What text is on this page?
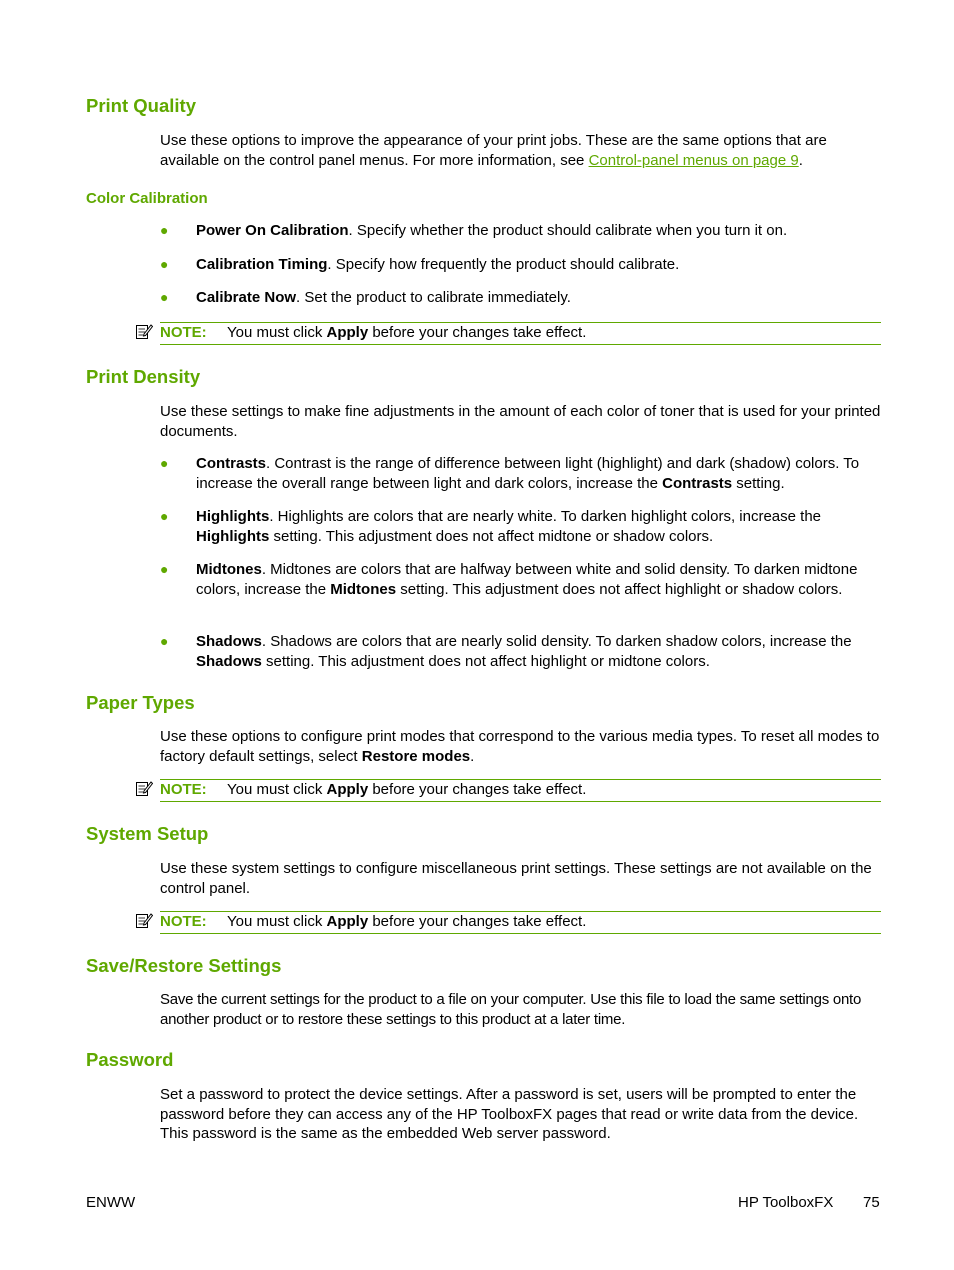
Print Quality

Use these options to improve the appearance of your print jobs. These are the same options that are available on the control panel menus. For more information, see Control-panel menus on page 9.

Color Calibration
● Power On Calibration. Specify whether the product should calibrate when you turn it on.
● Calibration Timing. Specify how frequently the product should calibrate.
● Calibrate Now. Set the product to calibrate immediately.
NOTE: You must click Apply before your changes take effect.
Print Density

Use these settings to make fine adjustments in the amount of each color of toner that is used for your printed documents.

● Contrasts. Contrast is the range of difference between light (highlight) and dark (shadow) colors. To increase the overall range between light and dark colors, increase the Contrasts setting.
● Highlights. Highlights are colors that are nearly white. To darken highlight colors, increase the Highlights setting. This adjustment does not affect midtone or shadow colors.
● Midtones. Midtones are colors that are halfway between white and solid density. To darken midtone colors, increase the Midtones setting. This adjustment does not affect highlight or shadow colors.
● Shadows. Shadows are colors that are nearly solid density. To darken shadow colors, increase the Shadows setting. This adjustment does not affect highlight or midtone colors.
Paper Types

Use these options to configure print modes that correspond to the various media types. To reset all modes to factory default settings, select Restore modes.

NOTE: You must click Apply before your changes take effect.
System Setup

Use these system settings to configure miscellaneous print settings. These settings are not available on the control panel.

NOTE: You must click Apply before your changes take effect.
Save/Restore Settings

Save the current settings for the product to a file on your computer. Use this file to load the same settings onto another product or to restore these settings to this product at a later time.

Password

Set a password to protect the device settings. After a password is set, users will be prompted to enter the password before they can access any of the HP ToolboxFX pages that read or write data from the device. This password is the same as the embedded Web server password.

ENWW	HP ToolboxFX 75
